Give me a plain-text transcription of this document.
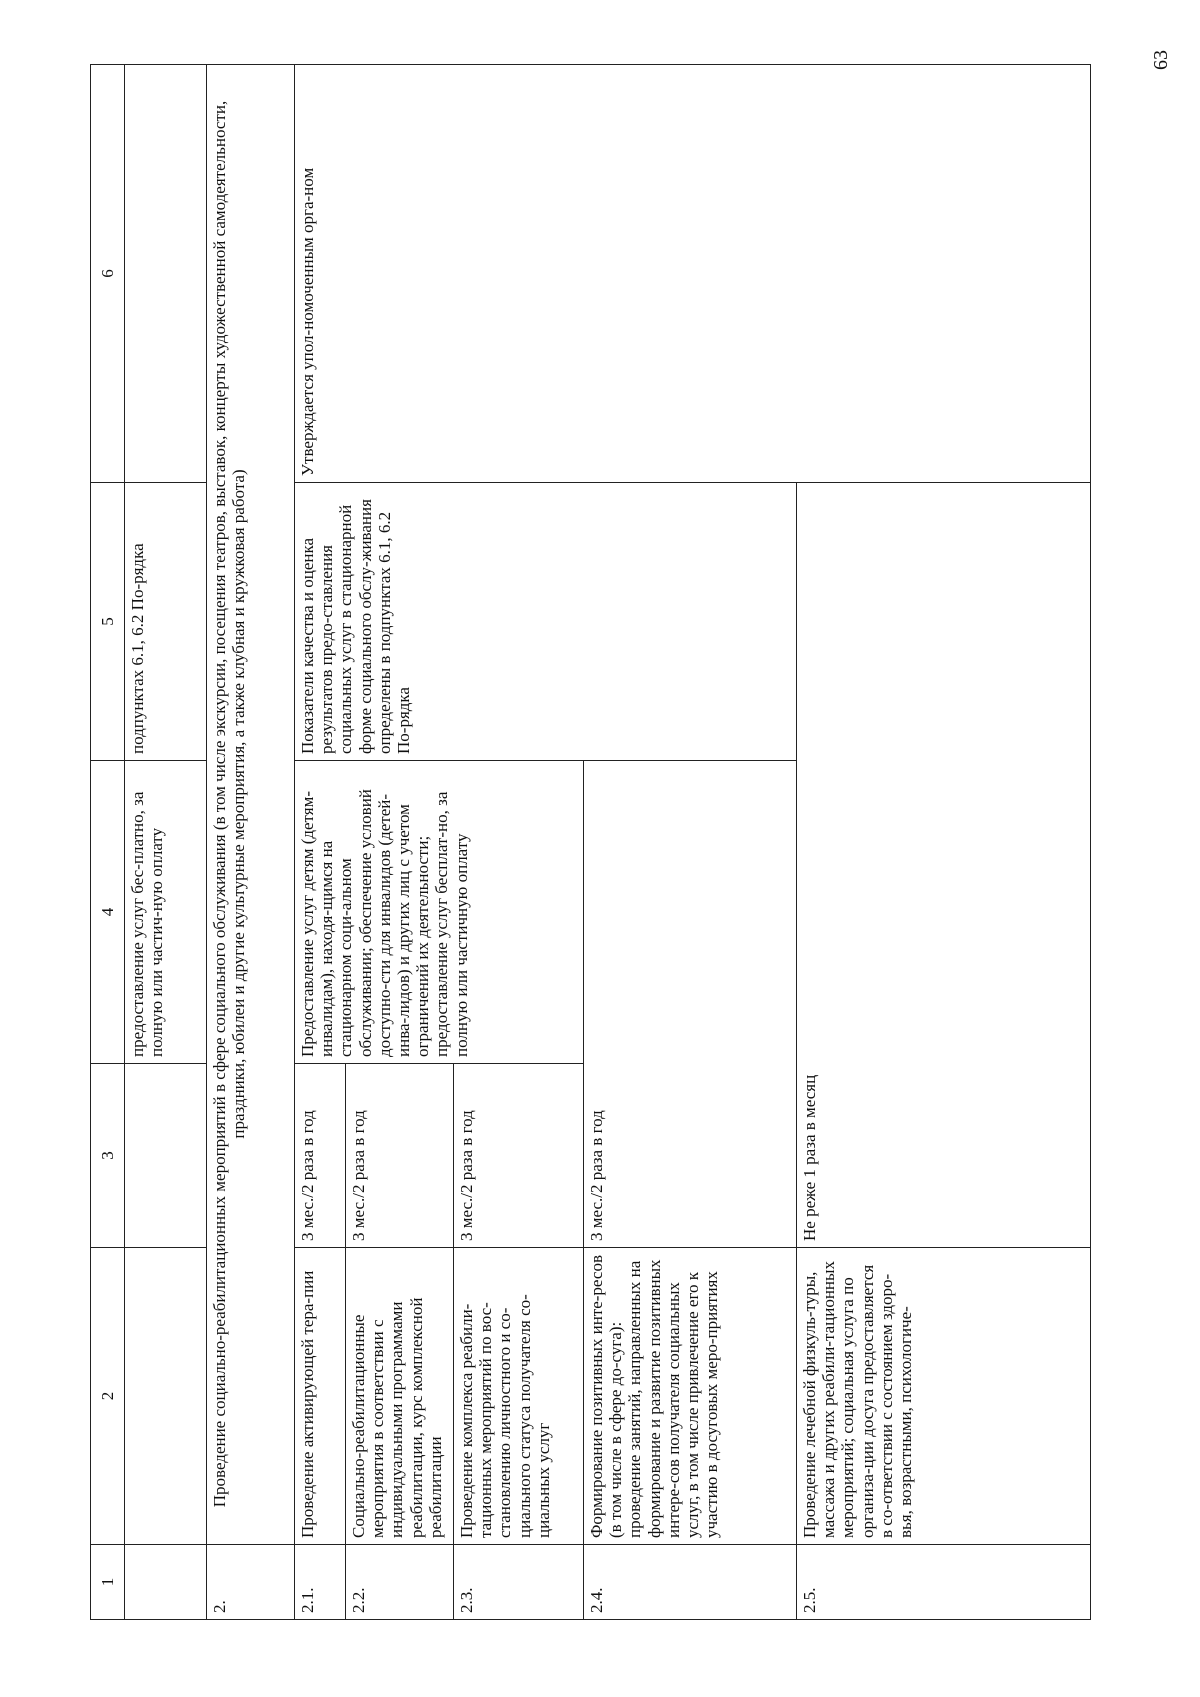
63
1	2	3	4	5	6
			предоставление услуг бес-платно, за полную или частич-ную оплату	подпунктах 6.1, 6.2 По-рядка	
2.	Проведение социально-реабилитационных мероприятий в сфере социального обслуживания (в том числе экскурсии, посещения театров, выставок, концерты художественной самодеятельности, праздники, юбилеи и другие культурные мероприятия, а также клубная и кружковая работа)				
2.1.	Проведение активирующей тера-пии	3 мес./2 раза в год	Предоставление услуг детям (детям-инвалидам), находя-щимся на стационарном соци-альном обслуживании; обеспечение условий доступно-сти для инвалидов (детей-инва-лидов) и других лиц с учетом ограничений их деятельности; предоставление услуг бесплат-но, за полную или частичную оплату	Показатели качества и оценка результатов предо-ставления социальных услуг в стационарной форме социального обслу-живания определены в подпунктах 6.1, 6.2 По-рядка	Утверждается упол-номоченным орга-ном
2.2.	Социально-реабилитационные мероприятия в соответствии с индивидуальными программами реабилитации, курс комплексной реабилитации	3 мес./2 раза в год			
2.3.	Проведение комплекса реабили-тационных мероприятий по вос-становлению личностного и со-циального статуса получателя со-циальных услуг	3 мес./2 раза в год			
2.4.	Формирование позитивных инте-ресов (в том числе в сфере до-суга): проведение занятий, направленных на формирование и развитие позитивных интере-сов получателя социальных услуг, в том числе привлечение его к участию в досуговых меро-приятиях	3 мес./2 раза в год			
2.5.	Проведение лечебной физкуль-туры, массажа и других реабили-тационных мероприятий; социальная услуга по организа-ции досуга предоставляется в со-ответствии с состоянием здоро-вья, возрастными, психологиче-	Не реже 1 раза в месяц			
